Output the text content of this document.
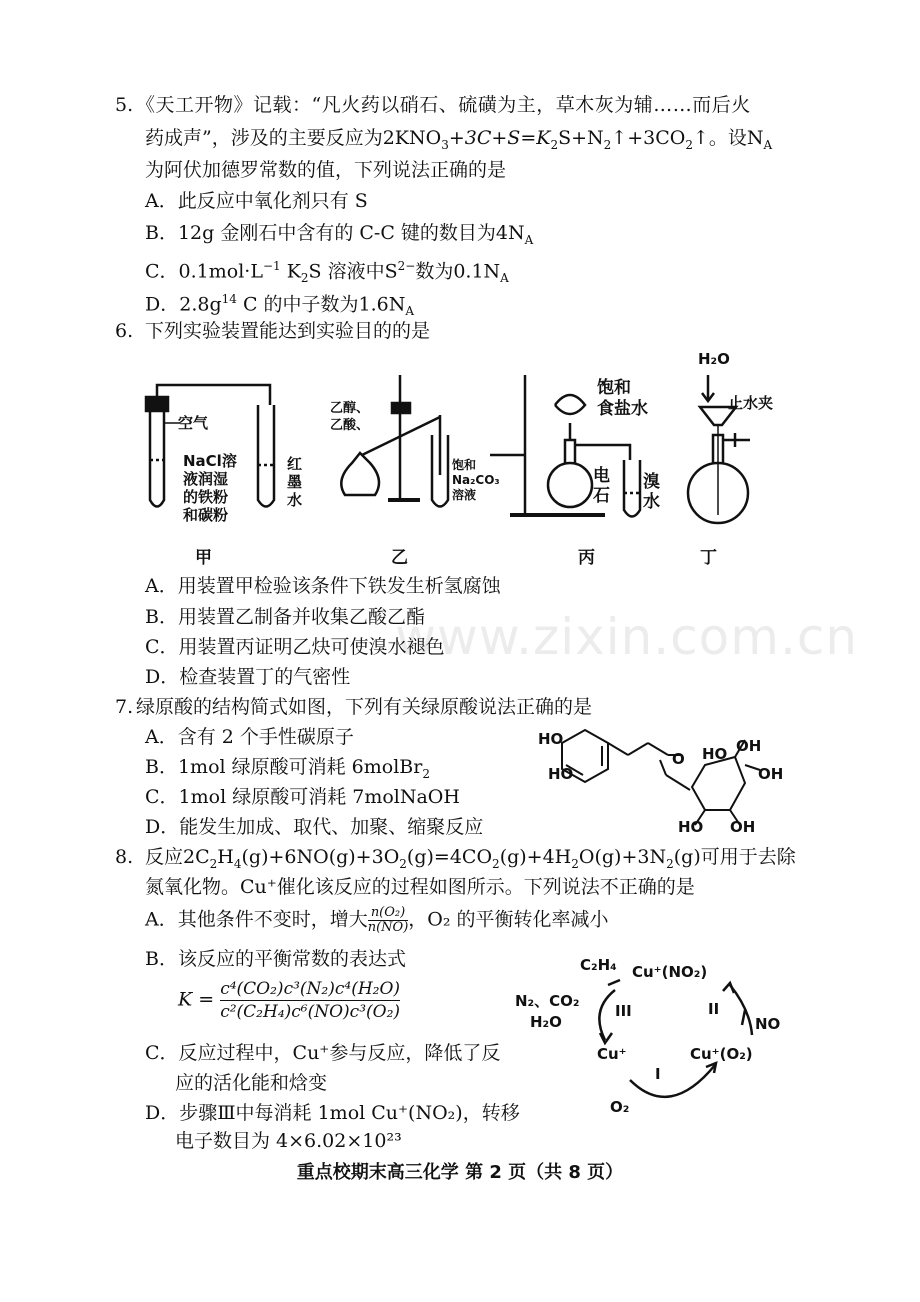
www.zixin.com.cn
5. 《天工开物》记载：“凡火药以硝石、硫磺为主，草木灰为辅……而后火
药成声”，涉及的主要反应为$2KNO_3+3C+S=K_2S+N_2↑+3CO_2↑$。设$N_A$
为阿伏加德罗常数的值，下列说法正确的是
A．此反应中氧化剂只有 S
B．12g 金刚石中含有的 C-C 键的数目为$4N_A$
C．$0.1mol\cdot L^{-1}$ $K_2S$ 溶液中$S^{2-}$数为$0.1N_A$
D．$2.8g^{14}$ C 的中子数为$1.6N_A$
6. 下列实验装置能达到实验目的的是
空气
NaCl溶
液润湿
的铁粉
和碳粉
红
墨
水
乙醇、
乙酸、
饱和
Na₂CO₃
溶液
饱和
食盐水
电
石
溴
水
H₂O
止水夹
甲	乙	丙	丁
A．用装置甲检验该条件下铁发生析氢腐蚀
B．用装置乙制备并收集乙酸乙酯
C．用装置丙证明乙炔可使溴水褪色
D．检查装置丁的气密性
7. 绿原酸的结构简式如图，下列有关绿原酸说法正确的是
A．含有 2 个手性碳原子
B．1mol 绿原酸可消耗 6molBr$_2$
C．1mol 绿原酸可消耗 7molNaOH
D．能发生加成、取代、加聚、缩聚反应
HO
HO
O HO OH
OH
HO OH
8. 反应$2C_2H_4(g)+6NO(g)+3O_2(g)=4CO_2(g)+4H_2O(g)+3N_2(g)$可用于去除
氮氧化物。Cu⁺催化该反应的过程如图所示。下列说法不正确的是
A．其他条件不变时，增大 $\frac{\text{n(O₂)}}{n(NO)}$ ，O₂ 的平衡转化率减小
B．该反应的平衡常数的表达式
$K = \frac{\text{c⁴(CO₂)c³(N₂)c⁴(H₂O)}}{\text{c²(C₂H₄)c⁶(NO)c³(O₂)}}$
C．反应过程中，Cu⁺参与反应，降低了反
应的活化能和焓变
D．步骤Ⅲ中每消耗 1mol Cu⁺(NO₂)，转移
电子数目为 4×6.02×10²³
C₂H₄ Cu⁺(NO₂)
N₂、CO₂
H₂O
III	II
NO
Cu⁺	Cu⁺(O₂)
I
O₂
重点校期末高三化学 第 2 页（共 8 页）
